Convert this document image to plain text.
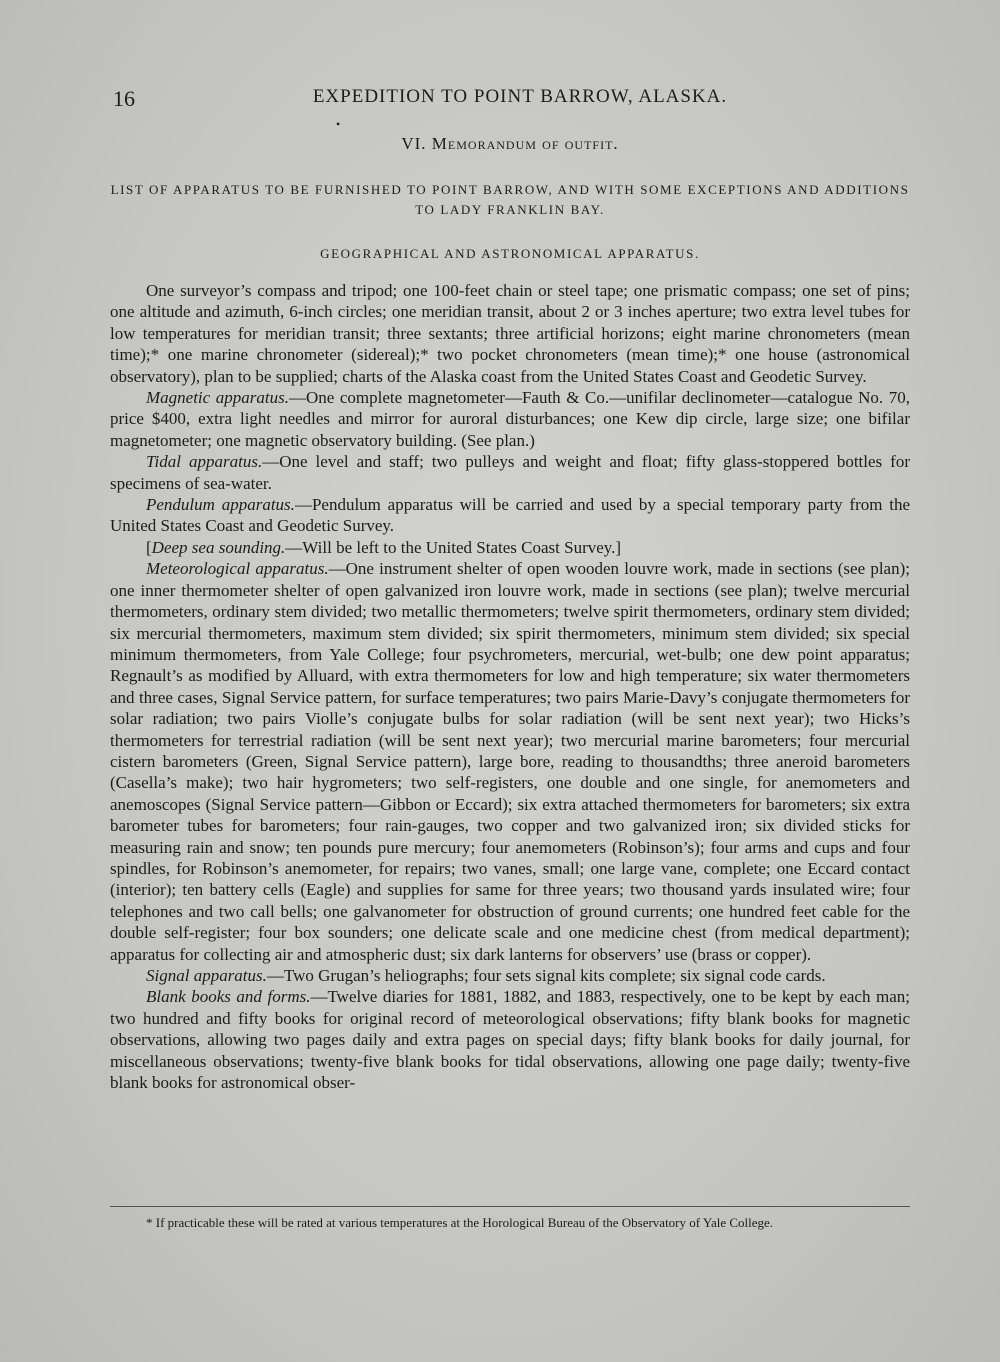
16	EXPEDITION TO POINT BARROW, ALASKA.
•
VI. Memorandum of outfit.
LIST OF APPARATUS TO BE FURNISHED TO POINT BARROW, AND WITH SOME EXCEPTIONS AND ADDITIONS TO LADY FRANKLIN BAY.
GEOGRAPHICAL AND ASTRONOMICAL APPARATUS.

One surveyor’s compass and tripod; one 100-feet chain or steel tape; one prismatic compass; one set of pins; one altitude and azimuth, 6-inch circles; one meridian transit, about 2 or 3 inches aperture; two extra level tubes for low temperatures for meridian transit; three sextants; three artificial horizons; eight marine chronometers (mean time);* one marine chronometer (sidereal);* two pocket chronometers (mean time);* one house (astronomical observatory), plan to be supplied; charts of the Alaska coast from the United States Coast and Geodetic Survey.

Magnetic apparatus.—One complete magnetometer—Fauth & Co.—unifilar declinometer—catalogue No. 70, price $400, extra light needles and mirror for auroral disturbances; one Kew dip circle, large size; one bifilar magnetometer; one magnetic observatory building. (See plan.)

Tidal apparatus.—One level and staff; two pulleys and weight and float; fifty glass-stoppered bottles for specimens of sea-water.

Pendulum apparatus.—Pendulum apparatus will be carried and used by a special temporary party from the United States Coast and Geodetic Survey.

[Deep sea sounding.—Will be left to the United States Coast Survey.]

Meteorological apparatus.—One instrument shelter of open wooden louvre work, made in sections (see plan); one inner thermometer shelter of open galvanized iron louvre work, made in sections (see plan); twelve mercurial thermometers, ordinary stem divided; two metallic thermometers; twelve spirit thermometers, ordinary stem divided; six mercurial thermometers, maximum stem divided; six spirit thermometers, minimum stem divided; six special minimum thermometers, from Yale College; four psychrometers, mercurial, wet-bulb; one dew point apparatus; Regnault’s as modified by Alluard, with extra thermometers for low and high temperature; six water thermometers and three cases, Signal Service pattern, for surface temperatures; two pairs Marie-Davy’s conjugate thermometers for solar radiation; two pairs Violle’s conjugate bulbs for solar radiation (will be sent next year); two Hicks’s thermometers for terrestrial radiation (will be sent next year); two mercurial marine barometers; four mercurial cistern barometers (Green, Signal Service pattern), large bore, reading to thousandths; three aneroid barometers (Casella’s make); two hair hygrometers; two self-registers, one double and one single, for anemometers and anemoscopes (Signal Service pattern—Gibbon or Eccard); six extra attached thermometers for barometers; six extra barometer tubes for barometers; four rain-gauges, two copper and two galvanized iron; six divided sticks for measuring rain and snow; ten pounds pure mercury; four anemometers (Robinson’s); four arms and cups and four spindles, for Robinson’s anemometer, for repairs; two vanes, small; one large vane, complete; one Eccard contact (interior); ten battery cells (Eagle) and supplies for same for three years; two thousand yards insulated wire; four telephones and two call bells; one galvanometer for obstruction of ground currents; one hundred feet cable for the double self-register; four box sounders; one delicate scale and one medicine chest (from medical department); apparatus for collecting air and atmospheric dust; six dark lanterns for observers’ use (brass or copper).

Signal apparatus.—Two Grugan’s heliographs; four sets signal kits complete; six signal code cards.

Blank books and forms.—Twelve diaries for 1881, 1882, and 1883, respectively, one to be kept by each man; two hundred and fifty books for original record of meteorological observations; fifty blank books for magnetic observations, allowing two pages daily and extra pages on special days; fifty blank books for daily journal, for miscellaneous observations; twenty-five blank books for tidal observations, allowing one page daily; twenty-five blank books for astronomical obser-

* If practicable these will be rated at various temperatures at the Horological Bureau of the Observatory of Yale College.
